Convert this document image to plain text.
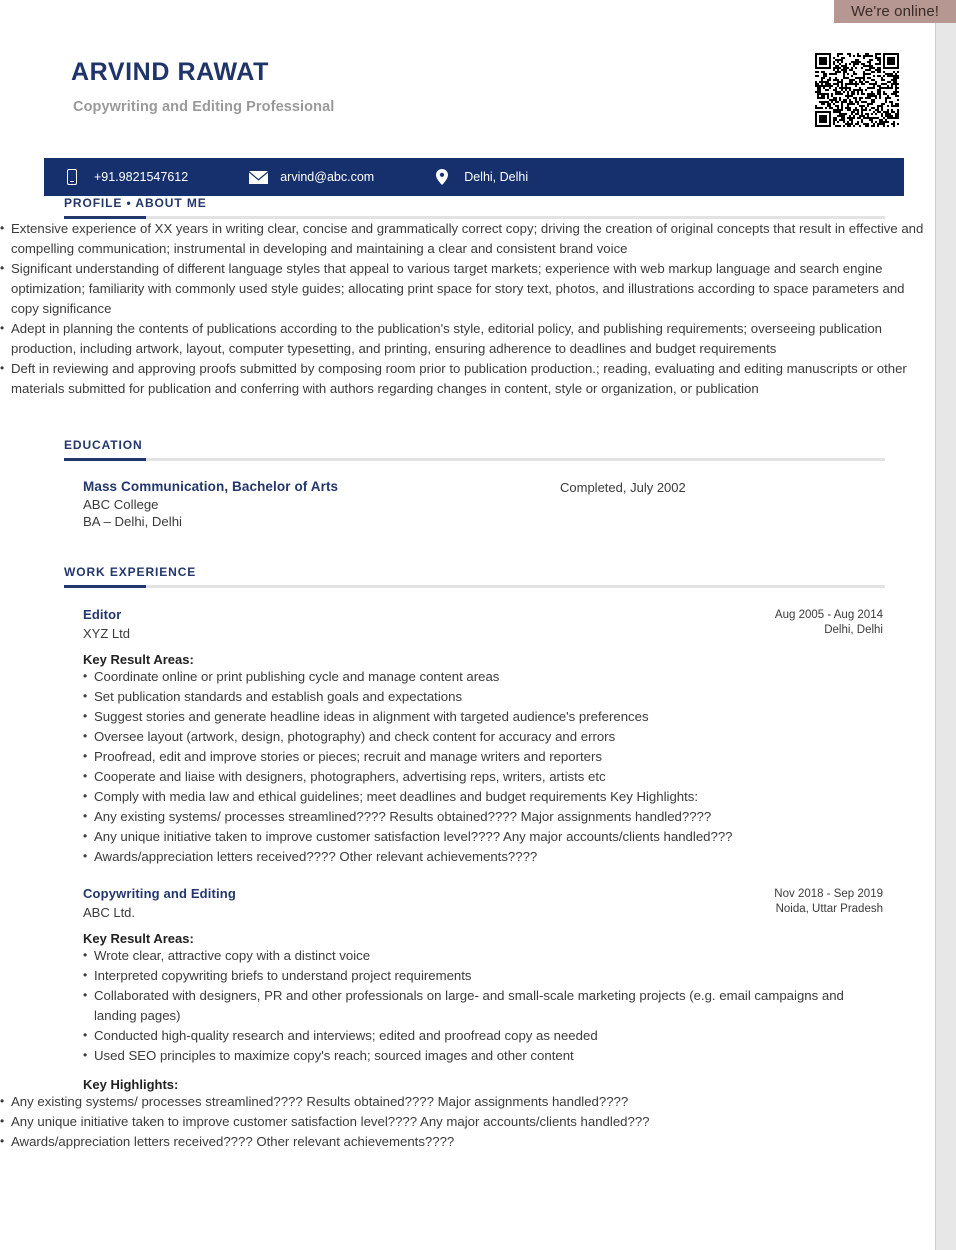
We're online!
ARVIND RAWAT
Copywriting and Editing Professional
+91.9821547612	arvind@abc.com	Delhi, Delhi
PROFILE • ABOUT ME
• Extensive experience of XX years in writing clear, concise and grammatically correct copy; driving the creation of original concepts that result in effective and compelling communication; instrumental in developing and maintaining a clear and consistent brand voice
• Significant understanding of different language styles that appeal to various target markets; experience with web markup language and search engine optimization; familiarity with commonly used style guides; allocating print space for story text, photos, and illustrations according to space parameters and copy significance
• Adept in planning the contents of publications according to the publication's style, editorial policy, and publishing requirements; overseeing publication production, including artwork, layout, computer typesetting, and printing, ensuring adherence to deadlines and budget requirements
• Deft in reviewing and approving proofs submitted by composing room prior to publication production.; reading, evaluating and editing manuscripts or other materials submitted for publication and conferring with authors regarding changes in content, style or organization, or publication
EDUCATION
Mass Communication, Bachelor of Arts
ABC College
BA – Delhi, Delhi
Completed, July 2002
WORK EXPERIENCE
Editor
XYZ Ltd
Aug 2005 - Aug 2014
Delhi, Delhi
Key Result Areas:
• Coordinate online or print publishing cycle and manage content areas
• Set publication standards and establish goals and expectations
• Suggest stories and generate headline ideas in alignment with targeted audience's preferences
• Oversee layout (artwork, design, photography) and check content for accuracy and errors
• Proofread, edit and improve stories or pieces; recruit and manage writers and reporters
• Cooperate and liaise with designers, photographers, advertising reps, writers, artists etc
• Comply with media law and ethical guidelines; meet deadlines and budget requirements Key Highlights:
• Any existing systems/ processes streamlined???? Results obtained???? Major assignments handled????
• Any unique initiative taken to improve customer satisfaction level???? Any major accounts/clients handled???
• Awards/appreciation letters received???? Other relevant achievements????
Copywriting and Editing
ABC Ltd.
Nov 2018 - Sep 2019
Noida, Uttar Pradesh
Key Result Areas:
• Wrote clear, attractive copy with a distinct voice
• Interpreted copywriting briefs to understand project requirements
• Collaborated with designers, PR and other professionals on large- and small-scale marketing projects (e.g. email campaigns and landing pages)
• Conducted high-quality research and interviews; edited and proofread copy as needed
• Used SEO principles to maximize copy's reach; sourced images and other content
Key Highlights:
• Any existing systems/ processes streamlined???? Results obtained???? Major assignments handled????
• Any unique initiative taken to improve customer satisfaction level???? Any major accounts/clients handled???
• Awards/appreciation letters received???? Other relevant achievements????
